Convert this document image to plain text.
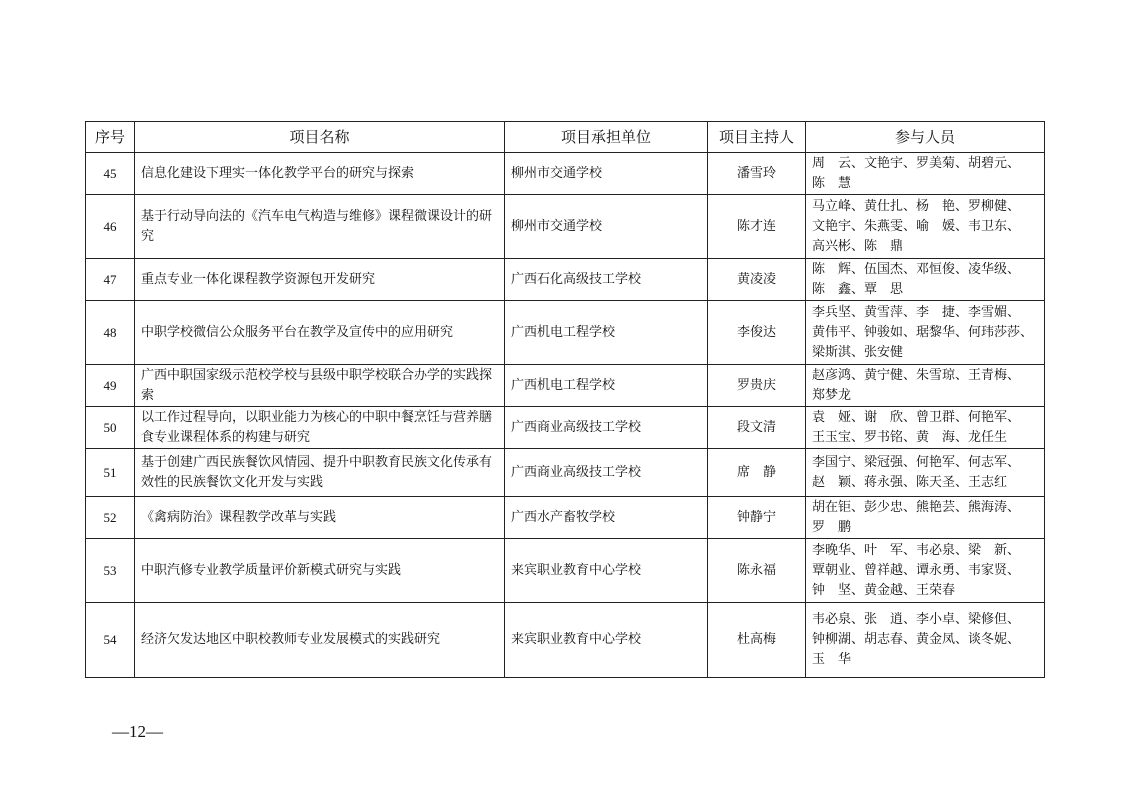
序号	项目名称	项目承担单位	项目主持人	参与人员
45	信息化建设下理实一体化教学平台的研究与探索	柳州市交通学校	潘雪玲	周　云、文艳宇、罗美菊、胡碧元、
陈　慧

46	基于行动导向法的《汽车电气构造与维修》课程微课设计的研究	柳州市交通学校	陈才连	马立峰、黄仕扎、杨　艳、罗柳健、
文艳宇、朱燕雯、喻　媛、韦卫东、
高兴彬、陈　鼎

47	重点专业一体化课程教学资源包开发研究	广西石化高级技工学校	黄凌凌	陈　辉、伍国杰、邓恒俊、凌华级、
陈　鑫、覃　思

48	中职学校微信公众服务平台在教学及宣传中的应用研究	广西机电工程学校	李俊达	李兵坚、黄雪萍、李　捷、李雪媚、
黄伟平、钟骏如、琚黎华、何玮莎莎、
梁斯淇、张安健

49	广西中职国家级示范校学校与县级中职学校联合办学的实践探索	广西机电工程学校	罗贵庆	赵彦鸿、黄宁健、朱雪琼、王青梅、
郑梦龙

50	以工作过程导向，以职业能力为核心的中职中餐烹饪与营养膳食专业课程体系的构建与研究	广西商业高级技工学校	段文清	袁　娅、谢　欣、曾卫群、何艳军、
王玉宝、罗书铭、黄　海、龙任生

51	基于创建广西民族餐饮风情园、提升中职教育民族文化传承有效性的民族餐饮文化开发与实践	广西商业高级技工学校	席　静	李国宁、梁冠强、何艳军、何志军、
赵　颖、蒋永强、陈天圣、王志红

52	《禽病防治》课程教学改革与实践	广西水产畜牧学校	钟静宁	胡在钜、彭少忠、熊艳芸、熊海涛、
罗　鹏

53	中职汽修专业教学质量评价新模式研究与实践	来宾职业教育中心学校	陈永福	李晚华、叶　军、韦必泉、梁　新、
覃朝业、曾祥越、谭永勇、韦家贤、
钟　坚、黄金越、王荣春

54	经济欠发达地区中职校教师专业发展模式的实践研究	来宾职业教育中心学校	杜高梅	韦必泉、张　逍、李小卓、梁修但、
钟柳湖、胡志春、黄金凤、谈冬妮、
玉　华
—12—
